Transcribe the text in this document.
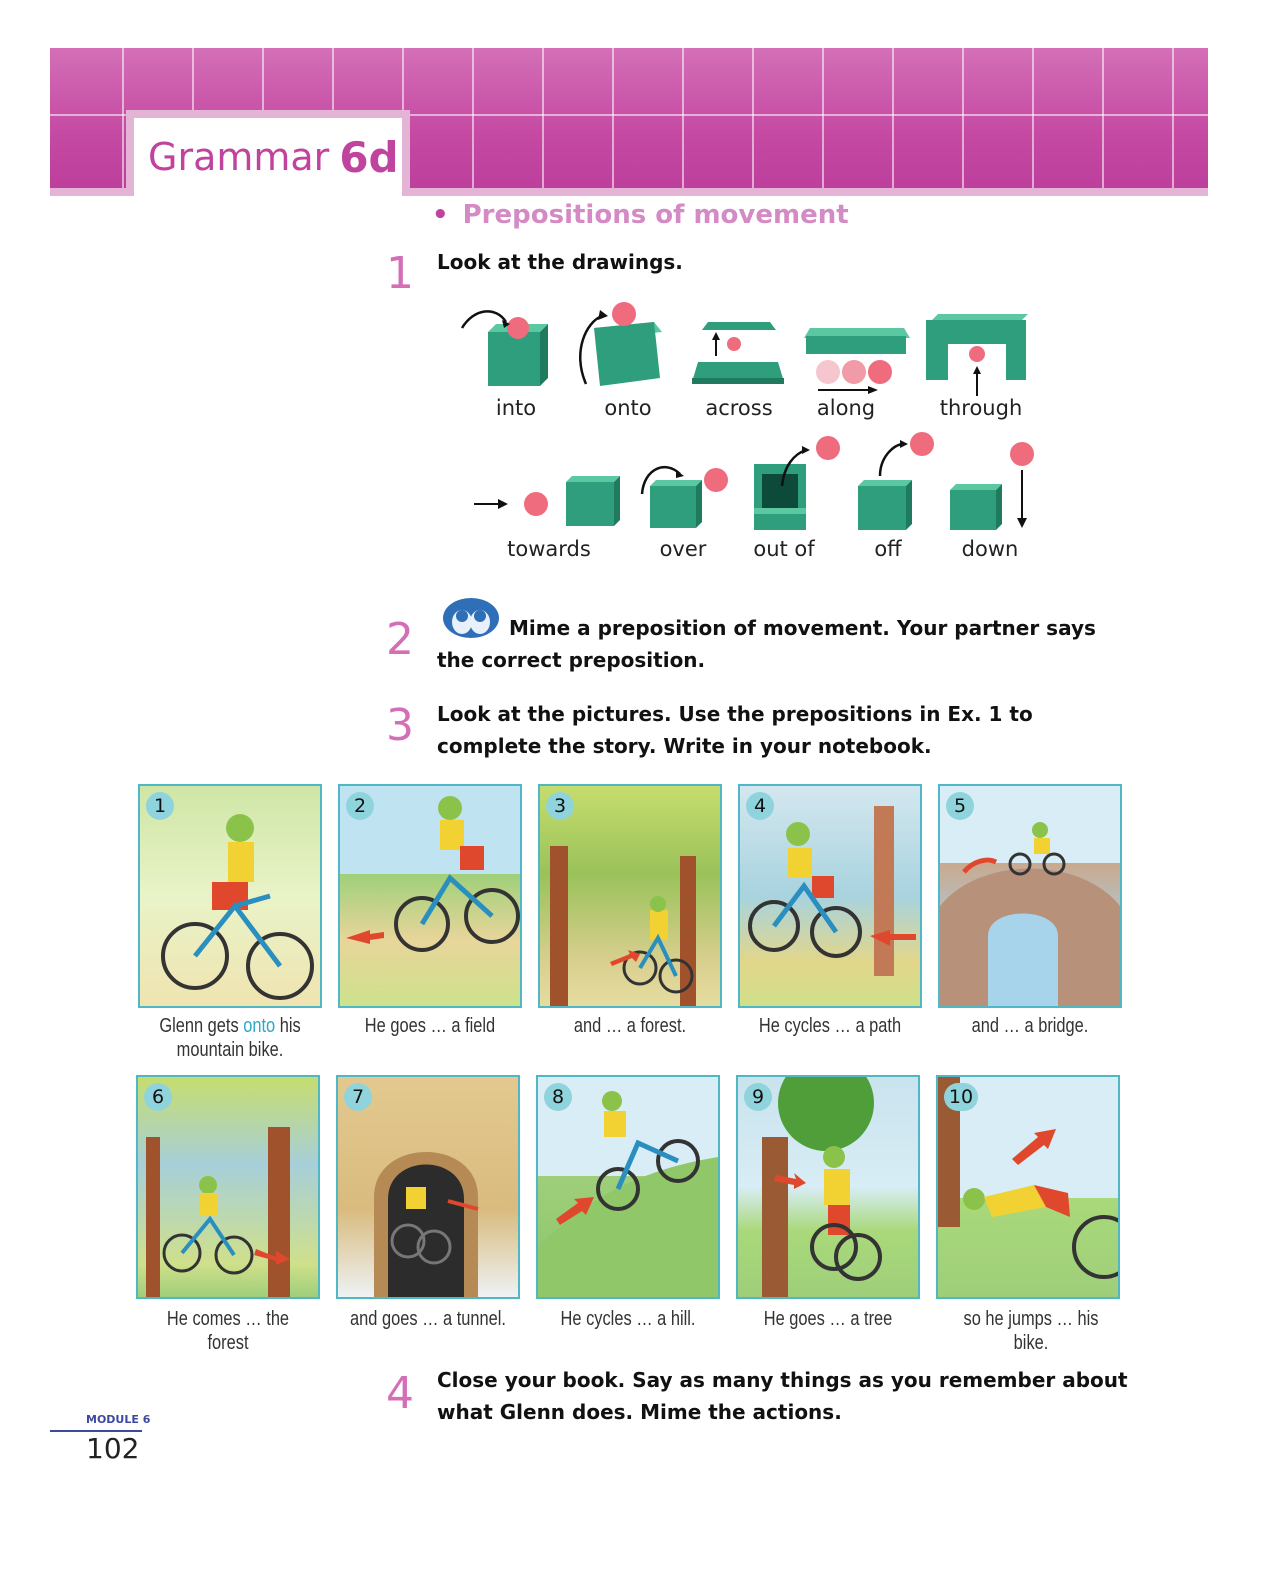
Grammar 6d
• Prepositions of movement
1 Look at the drawings.
into	onto	across	along	through
towards	over	out of	off	down
2	Mime a preposition of movement. Your partner says the correct preposition.
3 Look at the pictures. Use the prepositions in Ex. 1 to complete the story. Write in your notebook.
1	2	3	4	5
Glenn gets onto his mountain bike.
He goes … a field	and … a forest.	He cycles … a path	and … a bridge.
6	7	8	9	10
He comes … the forest
and goes … a tunnel.	He cycles … a hill.	He goes … a tree	so he jumps … his bike.
4 Close your book. Say as many things as you remember about what Glenn does. Mime the actions.
MODULE 6
102
